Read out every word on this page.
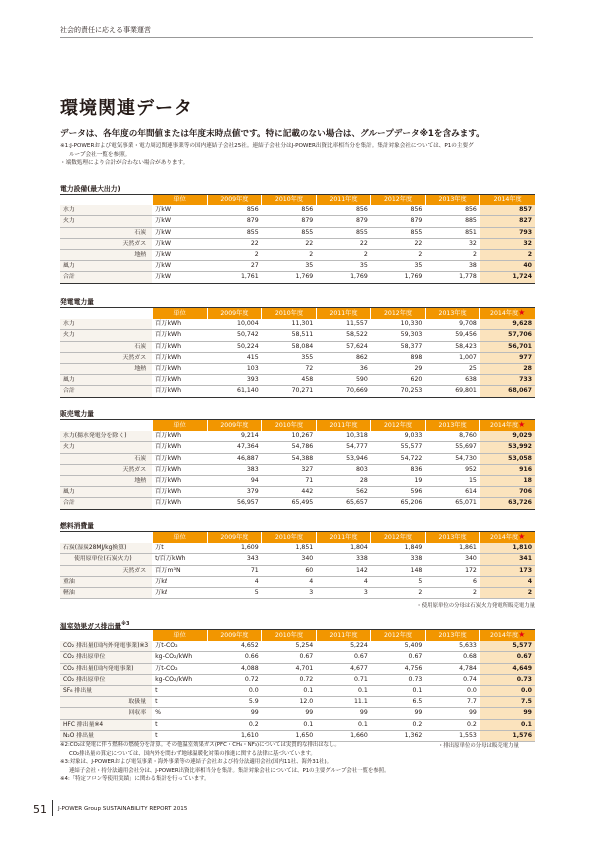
社会的責任に応える事業運営
環境関連データ
データは、各年度の年間値または年度末時点値です。特に記載のない場合は、グループデータ※1を含みます。
※1:J-POWERおよび電気事業・電力周辺関連事業等の国内連結子会社25社。連結子会社分はJ-POWER出資比率相当分を集計。集計対象会社については、P1の主要グ
ループ会社一覧を参照。
・端数処理により合計が合わない場合があります。
電力設備(最大出力)
	単位	2009年度	2010年度	2011年度	2012年度	2013年度	2014年度
水力	万kW	856	856	856	856	856	857
火力	万kW	879	879	879	879	885	827
石炭	万kW	855	855	855	855	851	793
天然ガス	万kW	22	22	22	22	32	32
地熱	万kW	2	2	2	2	2	2
風力	万kW	27	35	35	35	38	40
合計	万kW	1,761	1,769	1,769	1,769	1,778	1,724
発電電力量
	単位	2009年度	2010年度	2011年度	2012年度	2013年度	2014年度★
水力	百万kWh	10,004	11,301	11,557	10,330	9,708	9,628
火力	百万kWh	50,742	58,511	58,522	59,303	59,456	57,706
石炭	百万kWh	50,224	58,084	57,624	58,377	58,423	56,701
天然ガス	百万kWh	415	355	862	898	1,007	977
地熱	百万kWh	103	72	36	29	25	28
風力	百万kWh	393	458	590	620	638	733
合計	百万kWh	61,140	70,271	70,669	70,253	69,801	68,067
販売電力量
	単位	2009年度	2010年度	2011年度	2012年度	2013年度	2014年度★
水力(揚水発電分を除く)	百万kWh	9,214	10,267	10,318	9,033	8,760	9,029
火力	百万kWh	47,364	54,786	54,777	55,577	55,697	53,992
石炭	百万kWh	46,887	54,388	53,946	54,722	54,730	53,058
天然ガス	百万kWh	383	327	803	836	952	916
地熱	百万kWh	94	71	28	19	15	18
風力	百万kWh	379	442	562	596	614	706
合計	百万kWh	56,957	65,495	65,657	65,206	65,071	63,726
燃料消費量
	単位	2009年度	2010年度	2011年度	2012年度	2013年度	2014年度★
石炭(湿炭28MJ/kg換算)	万t	1,609	1,851	1,804	1,849	1,861	1,810
使用原単位(石炭火力)	t/百万kWh	343	340	338	338	340	341
天然ガス	百万m³N	71	60	142	148	172	173
重油	万kℓ	4	4	4	5	6	4
軽油	万kℓ	5	3	3	2	2	2
・使用原単位の分母は石炭火力発電所販売電力量
温室効果ガス排出量$^{※3}$
	単位	2009年度	2010年度	2011年度	2012年度	2013年度	2014年度★
CO₂ 排出量(国内外発電事業)※3	万t-CO₂	4,652	5,254	5,224	5,409	5,633	5,577
CO₂ 排出原単位	kg-CO₂/kWh	0.66	0.67	0.67	0.67	0.68	0.67
CO₂ 排出量(国内発電事業)	万t-CO₂	4,088	4,701	4,677	4,756	4,784	4,649
CO₂ 排出原単位	kg-CO₂/kWh	0.72	0.72	0.71	0.73	0.74	0.73
SF₆ 排出量	t	0.0	0.1	0.1	0.1	0.0	0.0
取扱量	t	5.9	12.0	11.1	6.5	7.7	7.5
回収率	%	99	99	99	99	99	99
HFC 排出量※4	t	0.2	0.1	0.1	0.2	0.2	0.1
N₂O 排出量	t	1,610	1,650	1,660	1,362	1,553	1,576
※2:CO₂は発電に伴う燃料の燃焼分を計算。その他温室効果ガス(PFC・CH₄・NF₃)については実質的な排出はなし。
CO₂排出量の算定については、国内外を問わず地球温暖化対策の推進に関する法律に基づいています。
※3:対象は、J-POWERおよび電気事業・海外事業等の連結子会社および持分法適用会社(国内11社、海外31社)。
連結子会社・持分法適用会社分は、J-POWER出資比率相当分を集計。集計対象会社については、P1の主要グループ会社一覧を参照。
※4:「特定フロン等使用実績」に関わる集計を行っています。
・排出原単位の分母は販売電力量
51 J-POWER Group SUSTAINABILITY REPORT 2015
